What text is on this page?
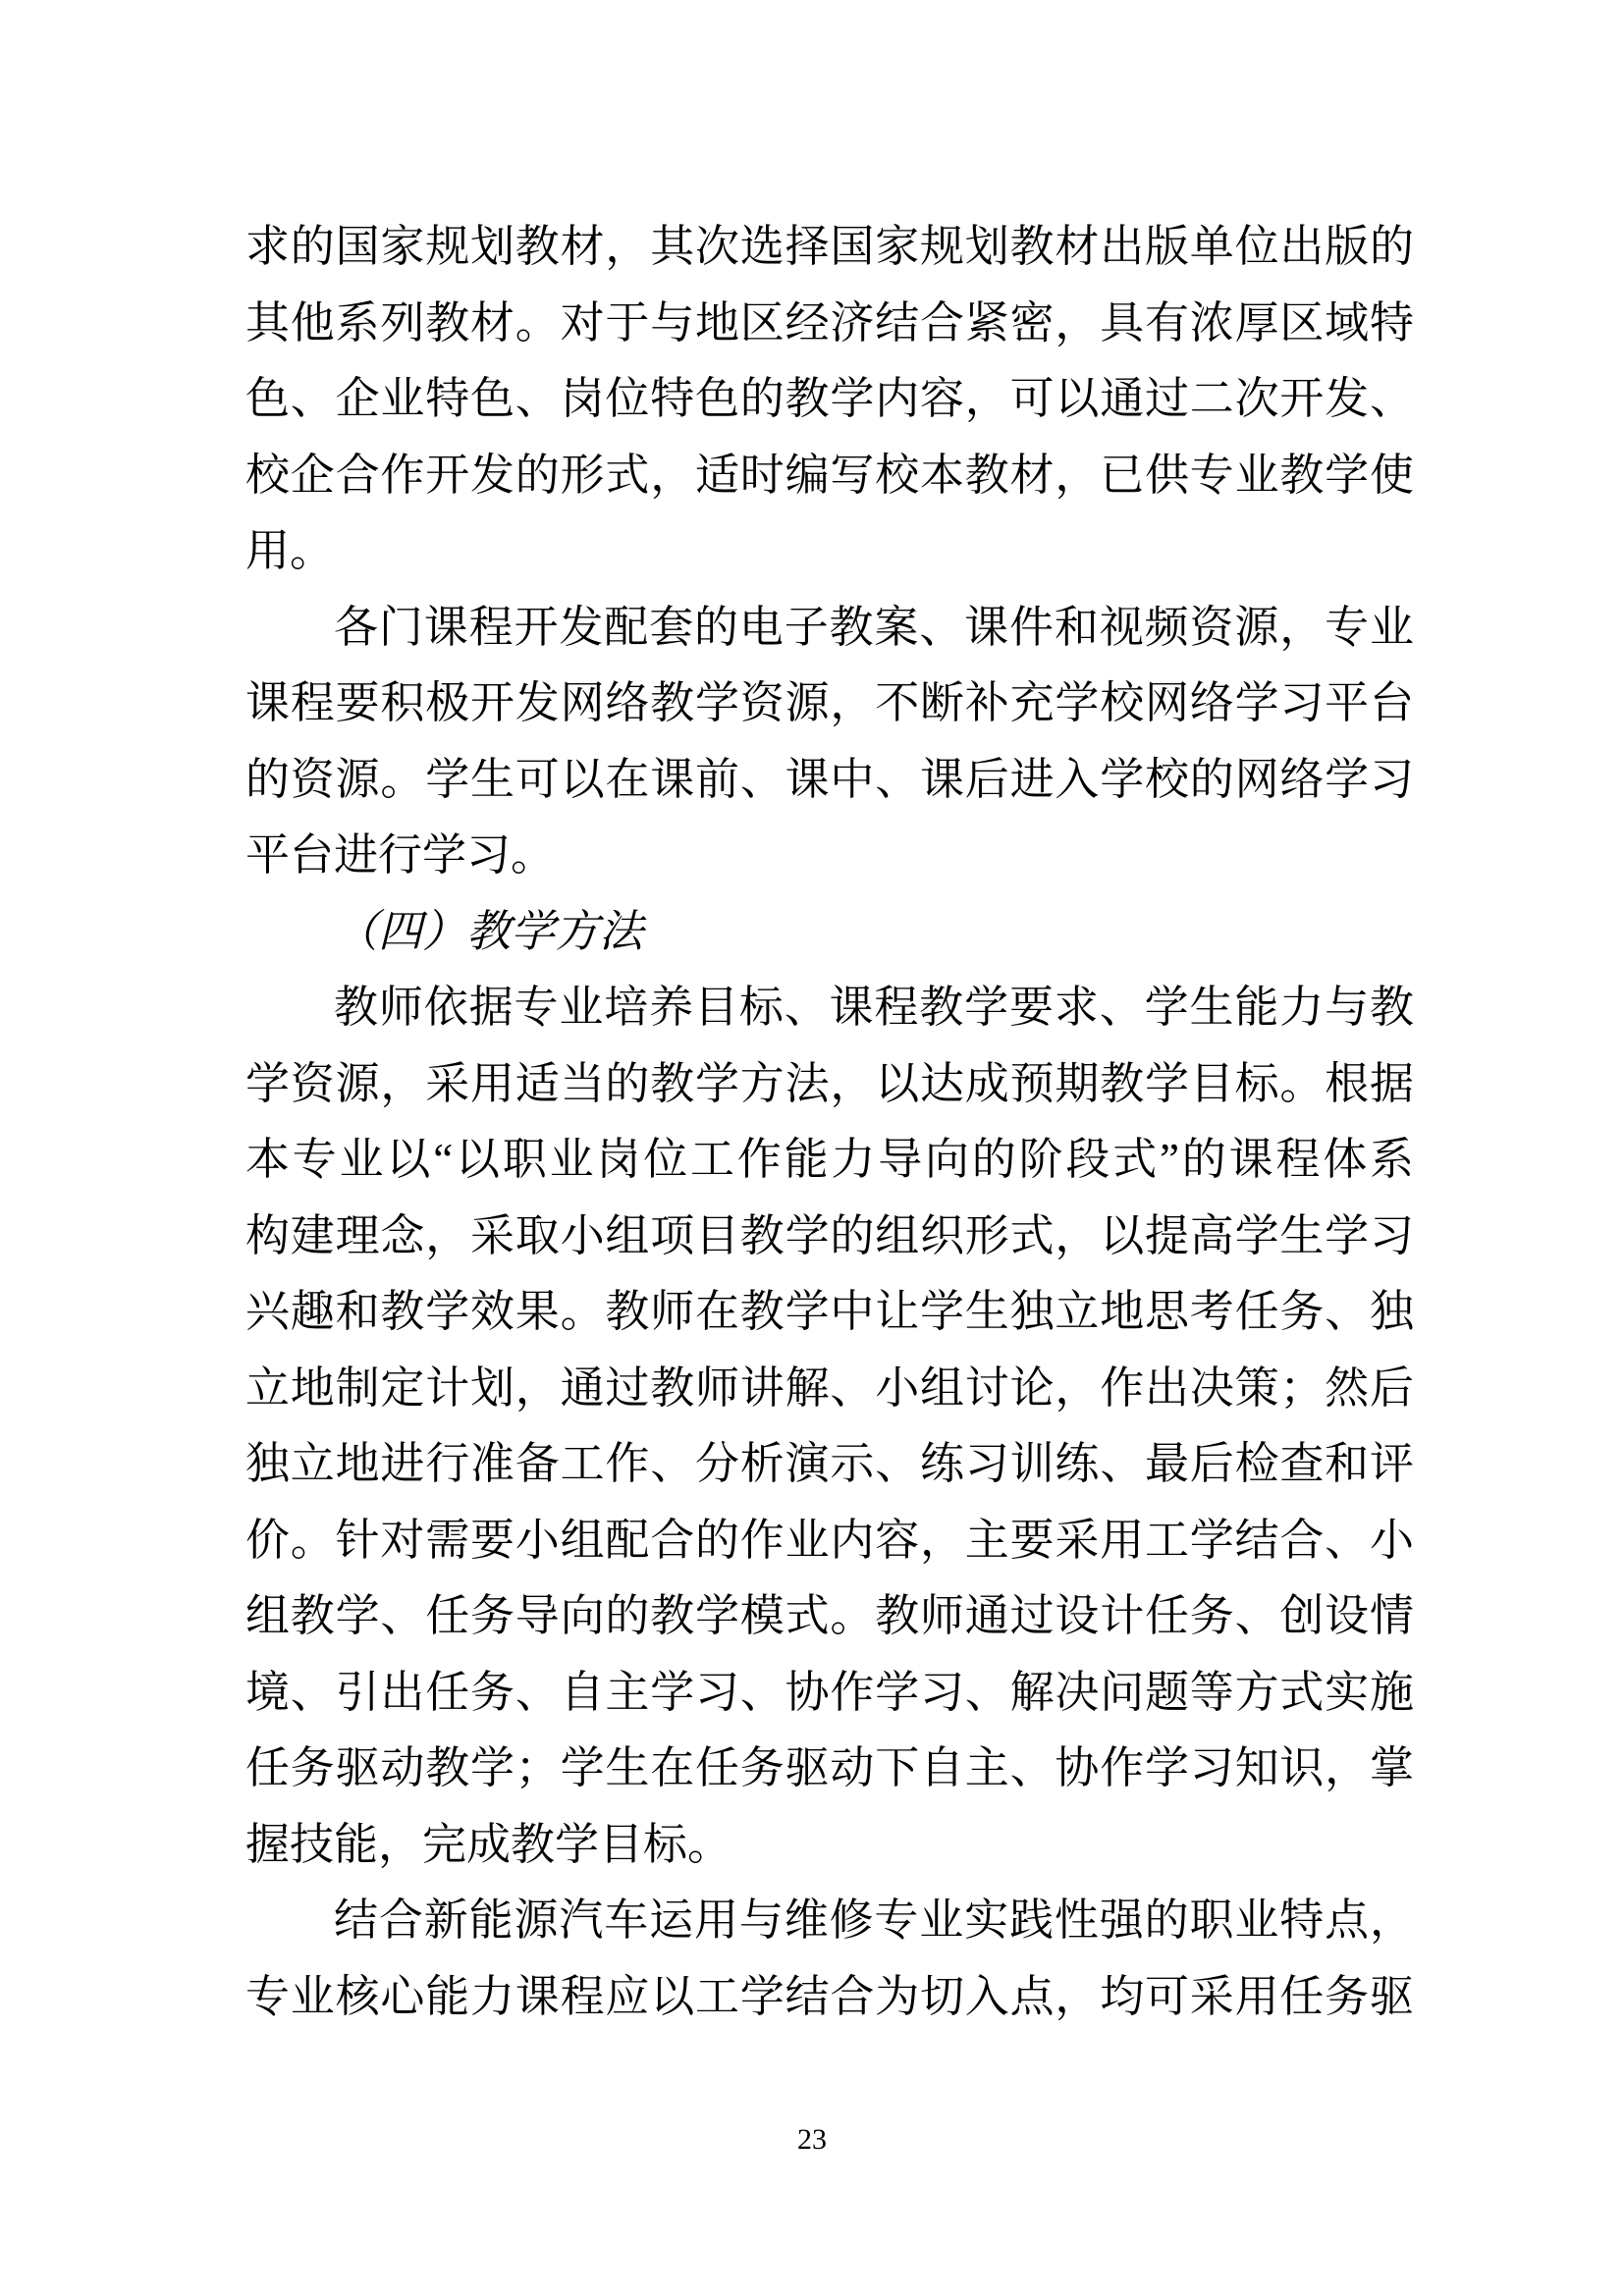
求的国家规划教材，其次选择国家规划教材出版单位出版的
其他系列教材。对于与地区经济结合紧密，具有浓厚区域特
色、企业特色、岗位特色的教学内容，可以通过二次开发、
校企合作开发的形式，适时编写校本教材，已供专业教学使
用。
各门课程开发配套的电子教案、课件和视频资源，专业
课程要积极开发网络教学资源，不断补充学校网络学习平台
的资源。学生可以在课前、课中、课后进入学校的网络学习
平台进行学习。
（四）教学方法
教师依据专业培养目标、课程教学要求、学生能力与教
学资源，采用适当的教学方法，以达成预期教学目标。根据
本专业以“以职业岗位工作能力导向的阶段式”的课程体系
构建理念，采取小组项目教学的组织形式，以提高学生学习
兴趣和教学效果。教师在教学中让学生独立地思考任务、独
立地制定计划，通过教师讲解、小组讨论，作出决策；然后
独立地进行准备工作、分析演示、练习训练、最后检查和评
价。针对需要小组配合的作业内容，主要采用工学结合、小
组教学、任务导向的教学模式。教师通过设计任务、创设情
境、引出任务、自主学习、协作学习、解决问题等方式实施
任务驱动教学；学生在任务驱动下自主、协作学习知识，掌
握技能，完成教学目标。
结合新能源汽车运用与维修专业实践性强的职业特点，
专业核心能力课程应以工学结合为切入点，均可采用任务驱
23
